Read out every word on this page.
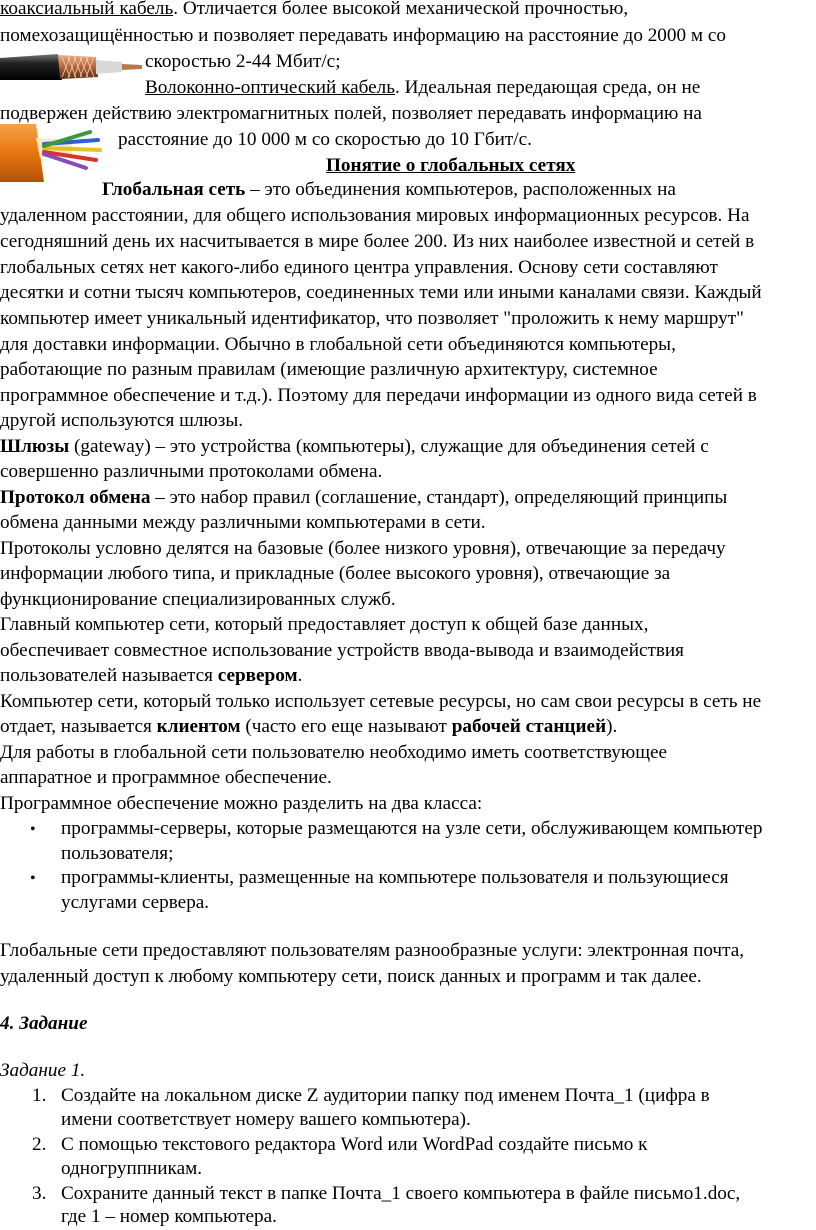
коаксиальный кабель. Отличается более высокой механической прочностью,
помехозащищённостью и позволяет передавать информацию на расстояние до 2000 м со
скоростью 2-44 Мбит/с;
Волоконно-оптический кабель. Идеальная передающая среда, он не
подвержен действию электромагнитных полей, позволяет передавать информацию на
расстояние до 10 000 м со скоростью до 10 Гбит/с.
Понятие о глобальных сетях
Глобальная сеть – это объединения компьютеров, расположенных на
удаленном расстоянии, для общего использования мировых информационных ресурсов. На
сегодняшний день их насчитывается в мире более 200. Из них наиболее известной и сетей в
глобальных сетях нет какого-либо единого центра управления. Основу сети составляют
десятки и сотни тысяч компьютеров, соединенных теми или иными каналами связи. Каждый
компьютер имеет уникальный идентификатор, что позволяет "проложить к нему маршрут"
для доставки информации. Обычно в глобальной сети объединяются компьютеры,
работающие по разным правилам (имеющие различную архитектуру, системное
программное обеспечение и т.д.). Поэтому для передачи информации из одного вида сетей в
другой используются шлюзы.
Шлюзы (gateway) – это устройства (компьютеры), служащие для объединения сетей с
совершенно различными протоколами обмена.
Протокол обмена – это набор правил (соглашение, стандарт), определяющий принципы
обмена данными между различными компьютерами в сети.
Протоколы условно делятся на базовые (более низкого уровня), отвечающие за передачу
информации любого типа, и прикладные (более высокого уровня), отвечающие за
функционирование специализированных служб.
Главный компьютер сети, который предоставляет доступ к общей базе данных,
обеспечивает совместное использование устройств ввода-вывода и взаимодействия
пользователей называется сервером.
Компьютер сети, который только использует сетевые ресурсы, но сам свои ресурсы в сеть не
отдает, называется клиентом (часто его еще называют рабочей станцией).
Для работы в глобальной сети пользователю необходимо иметь соответствующее
аппаратное и программное обеспечение.
Программное обеспечение можно разделить на два класса:
• программы-серверы, которые размещаются на узле сети, обслуживающем компьютер
пользователя;
• программы-клиенты, размещенные на компьютере пользователя и пользующиеся
услугами сервера.
Глобальные сети предоставляют пользователям разнообразные услуги: электронная почта,
удаленный доступ к любому компьютеру сети, поиск данных и программ и так далее.
4. Задание
Задание 1.
1. Создайте на локальном диске Z аудитории папку под именем Почта_1 (цифра в
имени соответствует номеру вашего компьютера).
2. С помощью текстового редактора Word или WordPad создайте письмо к
одногруппникам.
3. Сохраните данный текст в папке Почта_1 своего компьютера в файле письмо1.doc,
где 1 – номер компьютера.
